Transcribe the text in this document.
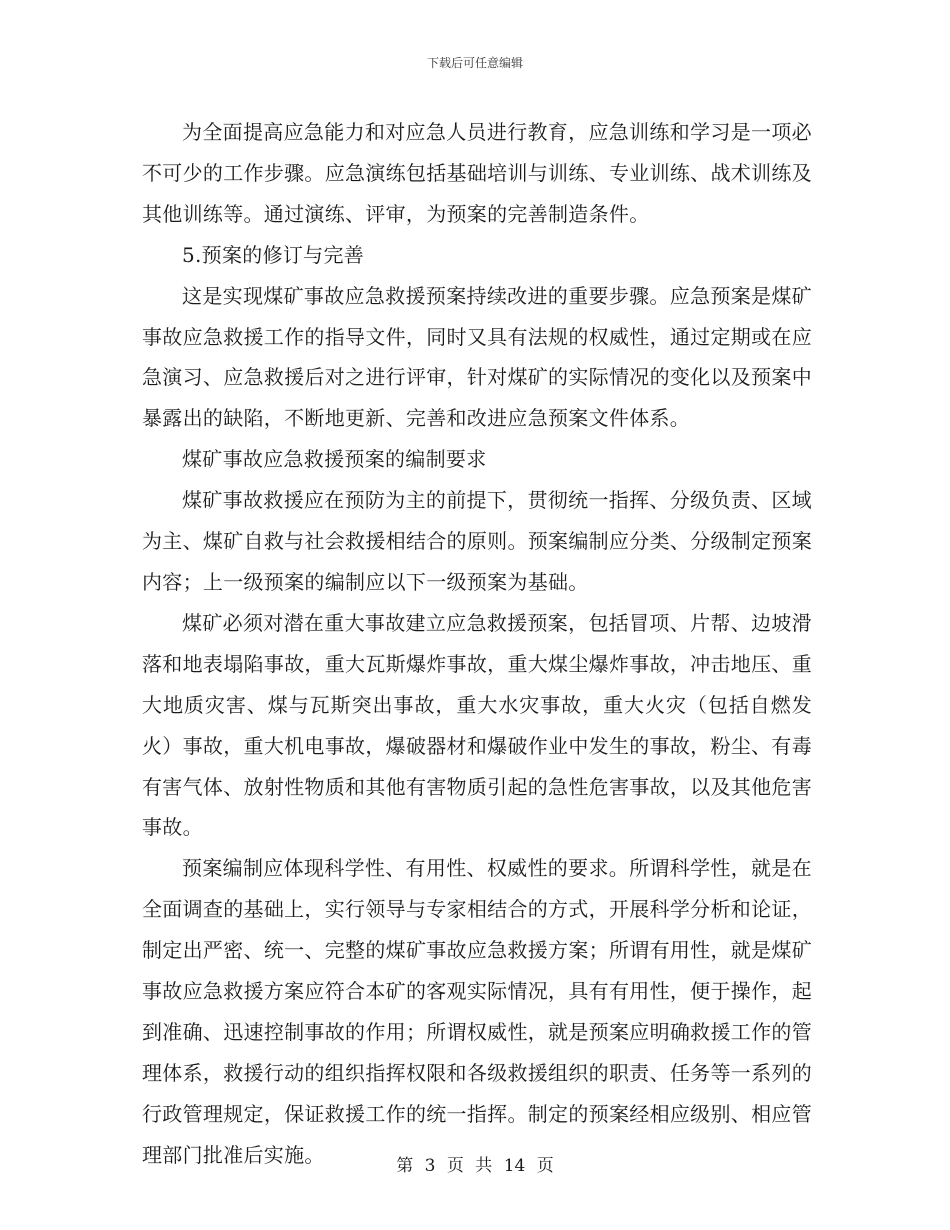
下载后可任意编辑

为全面提高应急能力和对应急人员进行教育，应急训练和学习是一项必不可少的工作步骤。应急演练包括基础培训与训练、专业训练、战术训练及其他训练等。通过演练、评审，为预案的完善制造条件。

5.预案的修订与完善

这是实现煤矿事故应急救援预案持续改进的重要步骤。应急预案是煤矿事故应急救援工作的指导文件，同时又具有法规的权威性，通过定期或在应急演习、应急救援后对之进行评审，针对煤矿的实际情况的变化以及预案中暴露出的缺陷，不断地更新、完善和改进应急预案文件体系。

煤矿事故应急救援预案的编制要求

煤矿事故救援应在预防为主的前提下，贯彻统一指挥、分级负责、区域为主、煤矿自救与社会救援相结合的原则。预案编制应分类、分级制定预案内容；上一级预案的编制应以下一级预案为基础。

煤矿必须对潜在重大事故建立应急救援预案，包括冒项、片帮、边坡滑落和地表塌陷事故，重大瓦斯爆炸事故，重大煤尘爆炸事故，冲击地压、重大地质灾害、煤与瓦斯突出事故，重大水灾事故，重大火灾（包括自燃发火）事故，重大机电事故，爆破器材和爆破作业中发生的事故，粉尘、有毒有害气体、放射性物质和其他有害物质引起的急性危害事故，以及其他危害事故。

预案编制应体现科学性、有用性、权威性的要求。所谓科学性，就是在全面调查的基础上，实行领导与专家相结合的方式，开展科学分析和论证，制定出严密、统一、完整的煤矿事故应急救援方案；所谓有用性，就是煤矿事故应急救援方案应符合本矿的客观实际情况，具有有用性，便于操作，起到准确、迅速控制事故的作用；所谓权威性，就是预案应明确救援工作的管理体系，救援行动的组织指挥权限和各级救援组织的职责、任务等一系列的行政管理规定，保证救援工作的统一指挥。制定的预案经相应级别、相应管理部门批准后实施。	第 3 页 共 14 页
